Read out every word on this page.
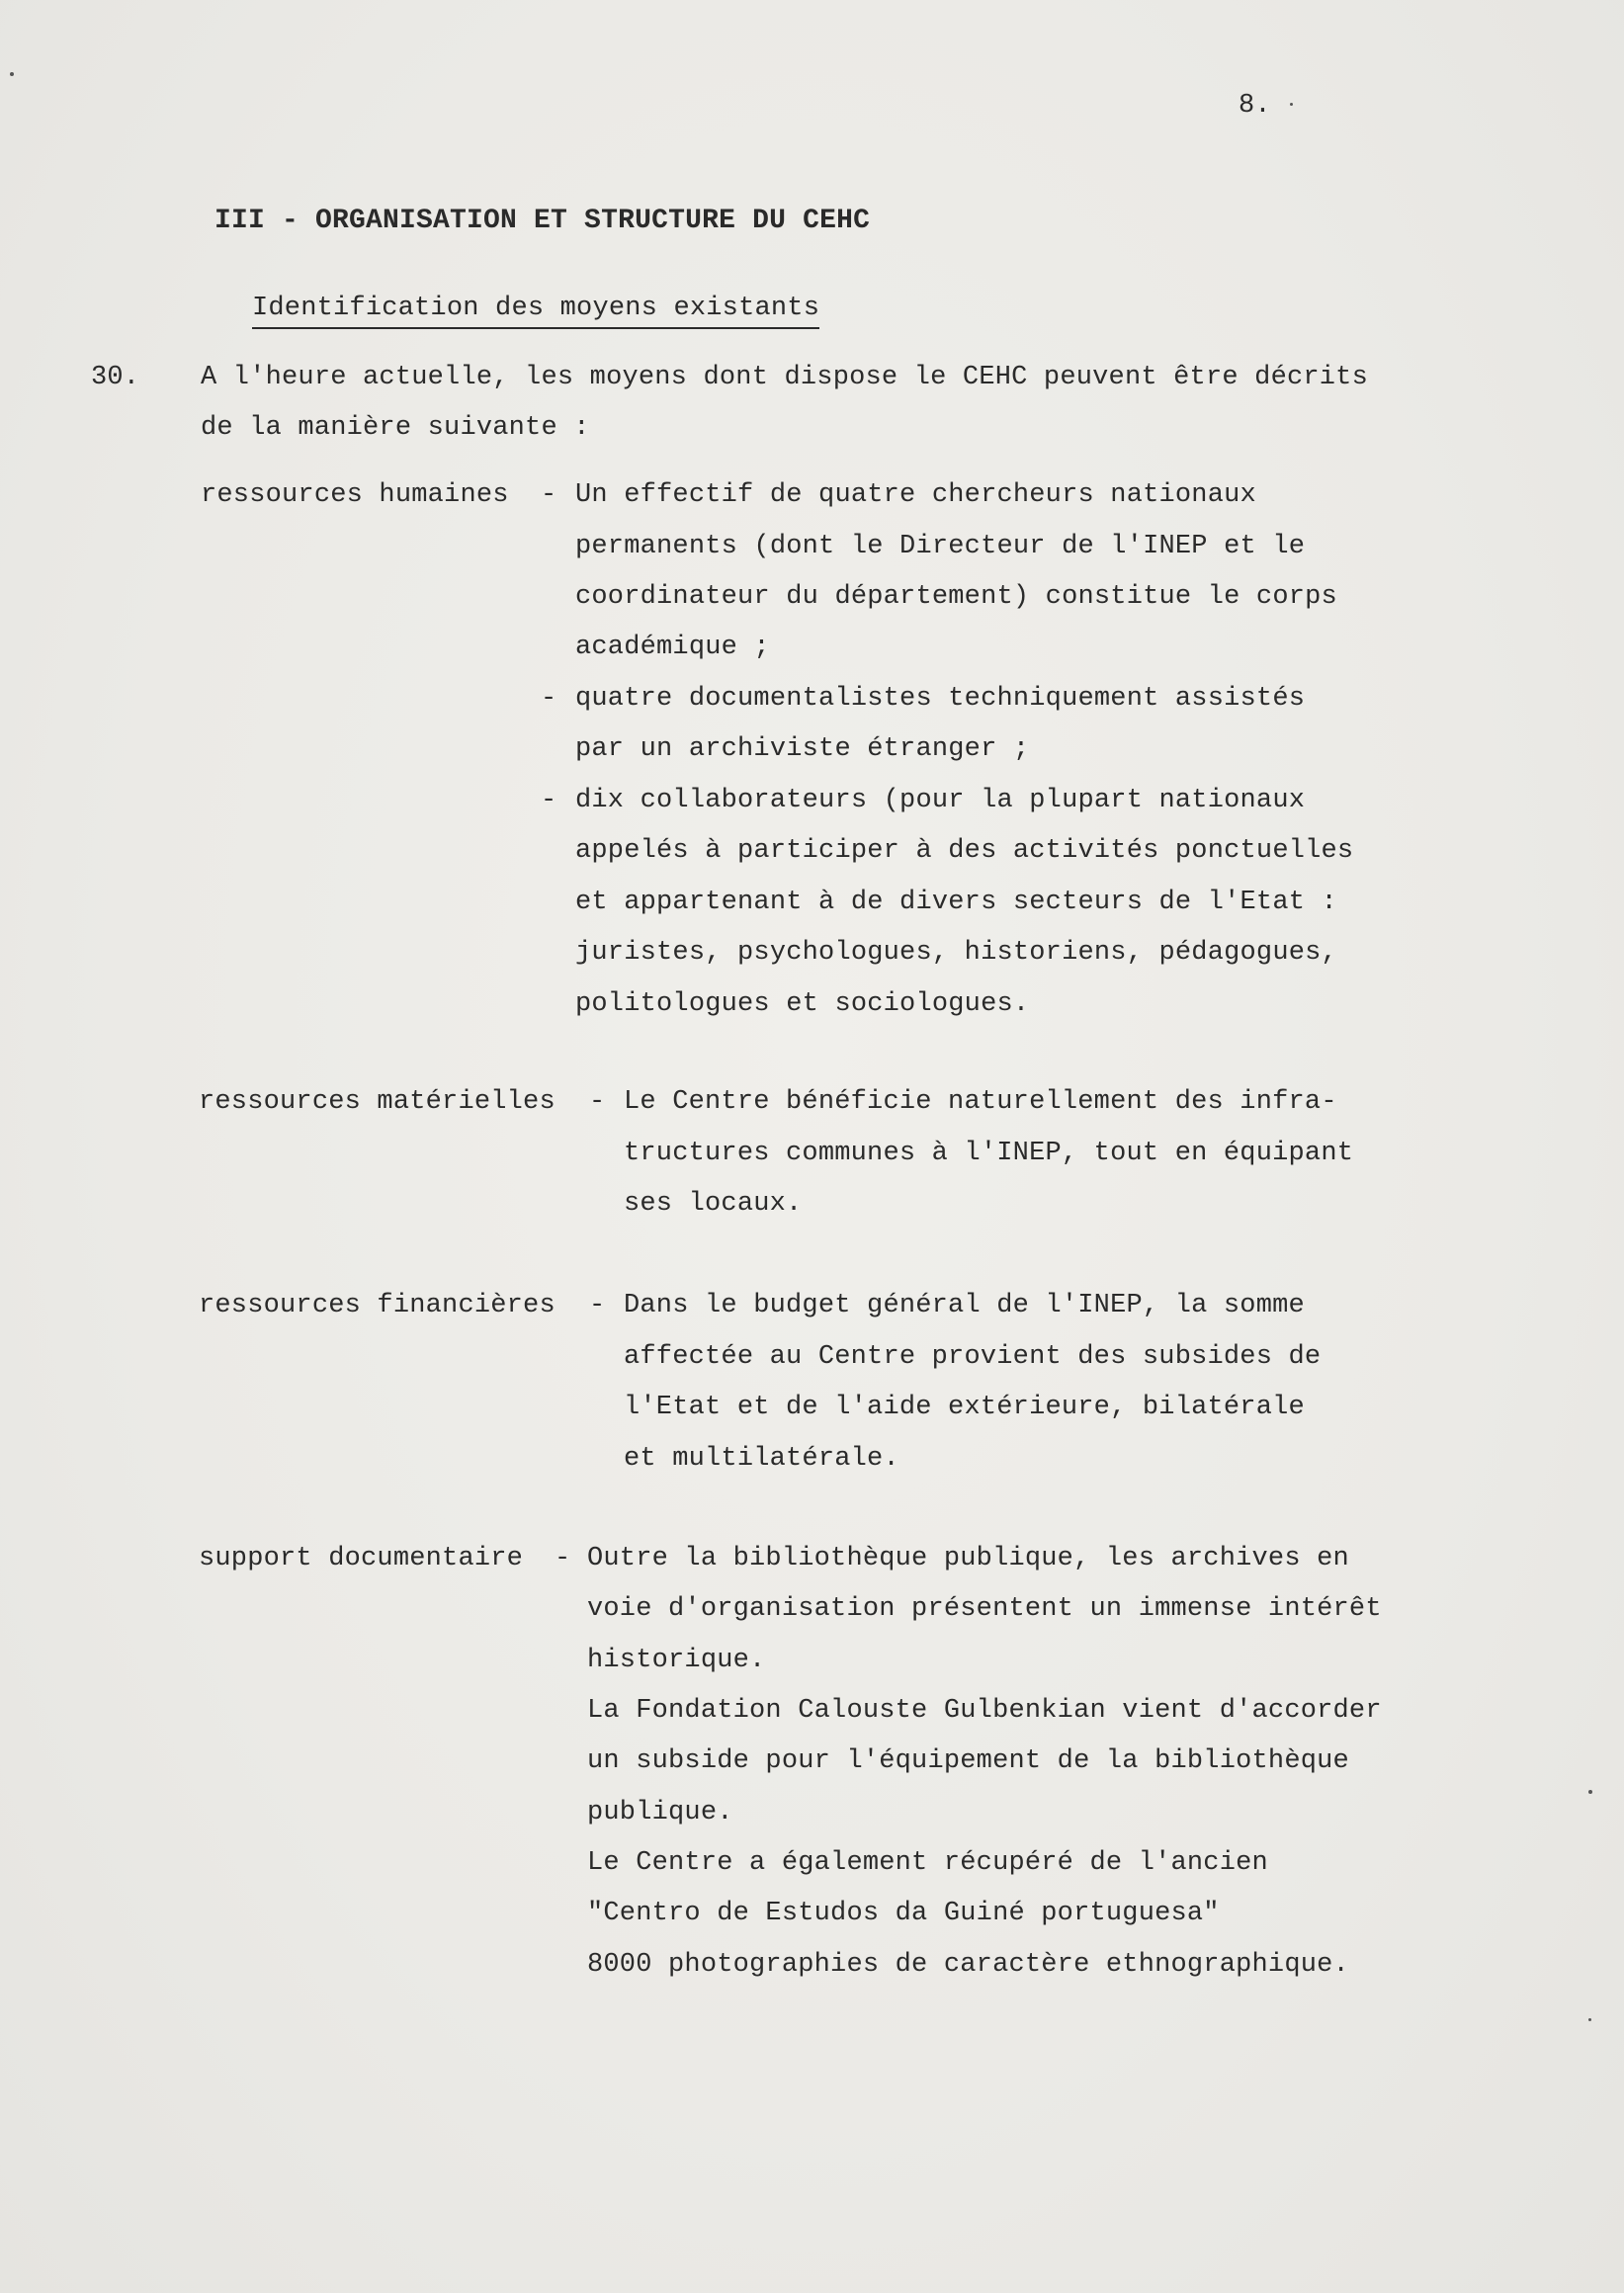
8.
III - ORGANISATION ET STRUCTURE DU CEHC
Identification des moyens existants
30. A l'heure actuelle, les moyens dont dispose le CEHC peuvent être décrits
de la manière suivante :
ressources humaines - Un effectif de quatre chercheurs nationaux
permanents (dont le Directeur de l'INEP et le
coordinateur du département) constitue le corps
académique ;
- quatre documentalistes techniquement assistés
par un archiviste étranger ;
- dix collaborateurs (pour la plupart nationaux
appelés à participer à des activités ponctuelles
et appartenant à de divers secteurs de l'Etat :
juristes, psychologues, historiens, pédagogues,
politologues et sociologues.
ressources matérielles - Le Centre bénéficie naturellement des infra-
tructures communes à l'INEP, tout en équipant
ses locaux.
ressources financières - Dans le budget général de l'INEP, la somme
affectée au Centre provient des subsides de
l'Etat et de l'aide extérieure, bilatérale
et multilatérale.
support documentaire - Outre la bibliothèque publique, les archives en
voie d'organisation présentent un immense intérêt
historique.
La Fondation Calouste Gulbenkian vient d'accorder
un subside pour l'équipement de la bibliothèque
publique.
Le Centre a également récupéré de l'ancien
"Centro de Estudos da Guiné portuguesa"
8000 photographies de caractère ethnographique.
